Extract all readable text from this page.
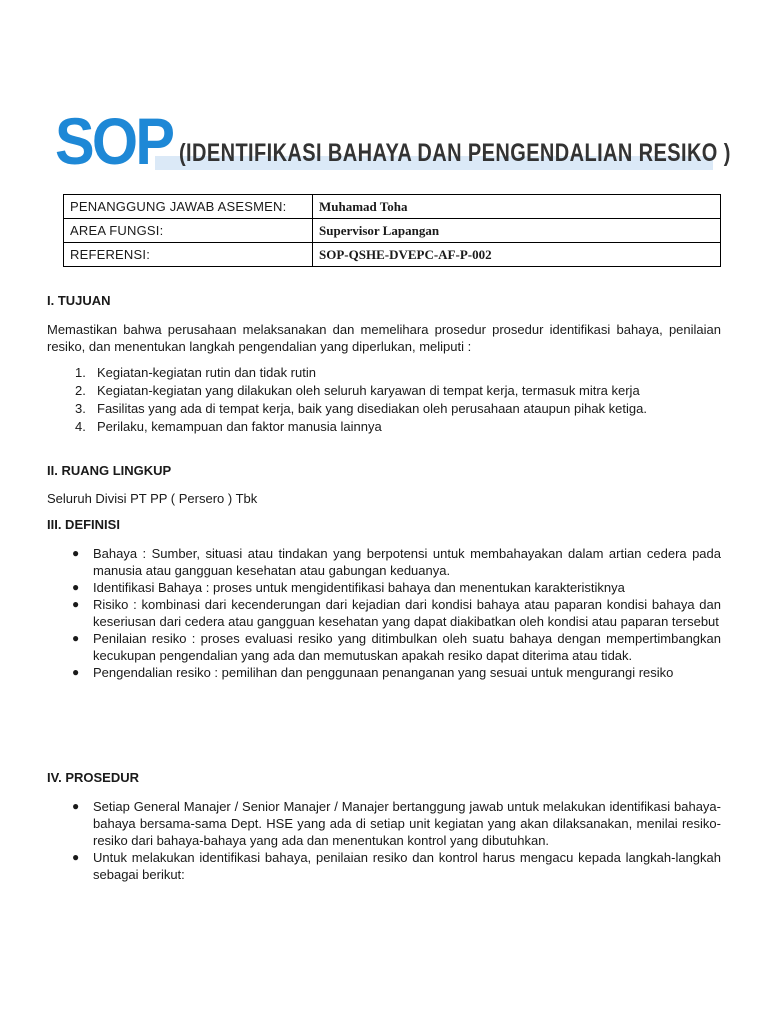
SOP (IDENTIFIKASI BAHAYA DAN PENGENDALIAN RESIKO )
PENANGGUNG JAWAB ASESMEN:	Muhamad Toha
AREA FUNGSI:	Supervisor Lapangan
REFERENSI:	SOP-QSHE-DVEPC-AF-P-002
I. TUJUAN
Memastikan bahwa perusahaan melaksanakan dan memelihara prosedur prosedur identifikasi bahaya, penilaian resiko, dan menentukan langkah pengendalian yang diperlukan, meliputi :
1. Kegiatan-kegiatan rutin dan tidak rutin
2. Kegiatan-kegiatan yang dilakukan oleh seluruh karyawan di tempat kerja, termasuk mitra kerja
3. Fasilitas yang ada di tempat kerja, baik yang disediakan oleh perusahaan ataupun pihak ketiga.
4. Perilaku, kemampuan dan faktor manusia lainnya
II. RUANG LINGKUP
Seluruh Divisi PT PP ( Persero ) Tbk
III. DEFINISI
● Bahaya : Sumber, situasi atau tindakan yang berpotensi untuk membahayakan dalam artian cedera pada manusia atau gangguan kesehatan atau gabungan keduanya.
● Identifikasi Bahaya : proses untuk mengidentifikasi bahaya dan menentukan karakteristiknya
● Risiko : kombinasi dari kecenderungan dari kejadian dari kondisi bahaya atau paparan kondisi bahaya dan keseriusan dari cedera atau gangguan kesehatan yang dapat diakibatkan oleh kondisi atau paparan tersebut
● Penilaian resiko : proses evaluasi resiko yang ditimbulkan oleh suatu bahaya dengan mempertimbangkan kecukupan pengendalian yang ada dan memutuskan apakah resiko dapat diterima atau tidak.
● Pengendalian resiko : pemilihan dan penggunaan penanganan yang sesuai untuk mengurangi resiko
IV. PROSEDUR
● Setiap General Manajer / Senior Manajer / Manajer bertanggung jawab untuk melakukan identifikasi bahaya-bahaya bersama-sama Dept. HSE yang ada di setiap unit kegiatan yang akan dilaksanakan, menilai resiko-resiko dari bahaya-bahaya yang ada dan menentukan kontrol yang dibutuhkan.
● Untuk melakukan identifikasi bahaya, penilaian resiko dan kontrol harus mengacu kepada langkah-langkah sebagai berikut:
